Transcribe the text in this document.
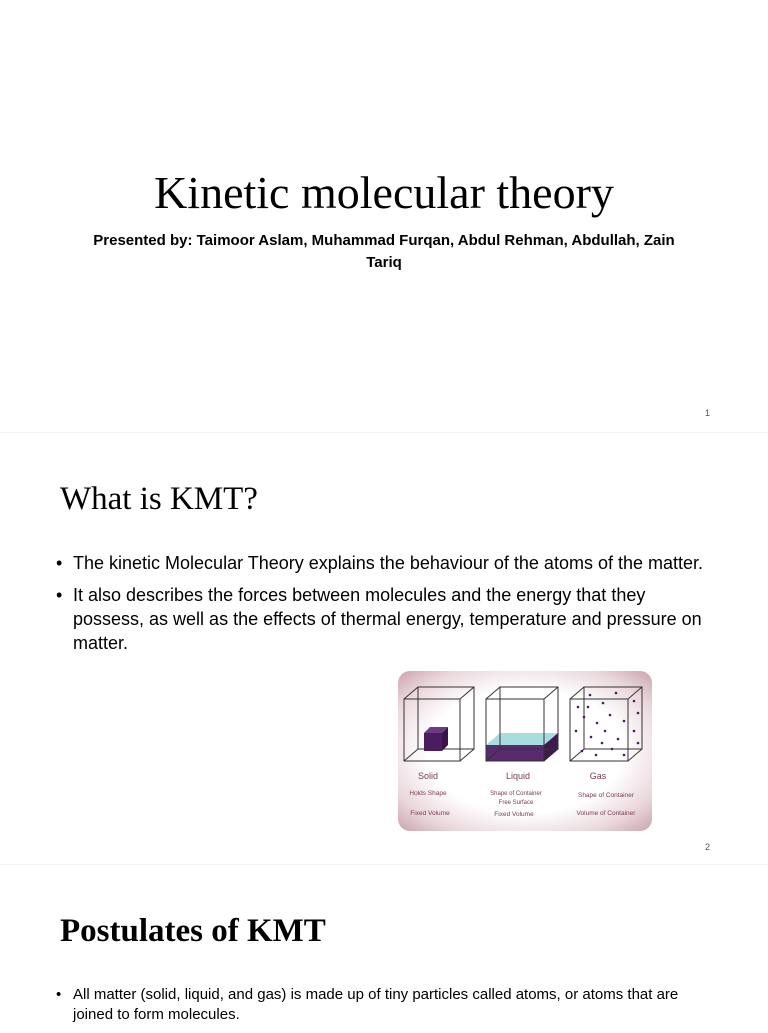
Kinetic molecular theory
Presented by: Taimoor Aslam, Muhammad Furqan, Abdul Rehman, Abdullah, Zain Tariq
1
What is KMT?
• The kinetic Molecular Theory explains the behaviour of the atoms of the matter.
• It also describes the forces between molecules and the energy that they possess, as well as the effects of thermal energy, temperature and pressure on matter.
Solid
Holds Shape
Fixed Volume
Liquid
Shape of Container
Free Surface
Fixed Volume
Gas
Shape of Container
Volume of Container
2
Postulates of KMT
• All matter (solid, liquid, and gas) is made up of tiny particles called atoms, or atoms that are joined to form molecules.
